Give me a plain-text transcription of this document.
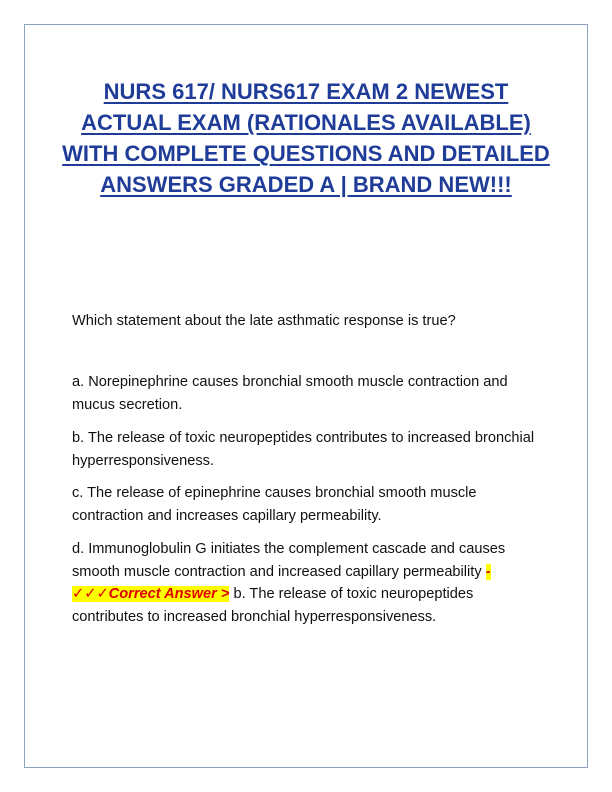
NURS 617/ NURS617 EXAM 2 NEWEST ACTUAL EXAM (RATIONALES AVAILABLE) WITH COMPLETE QUESTIONS AND DETAILED ANSWERS GRADED A | BRAND NEW!!!

Which statement about the late asthmatic response is true?

a. Norepinephrine causes bronchial smooth muscle contraction and mucus secretion.

b. The release of toxic neuropeptides contributes to increased bronchial hyperresponsiveness.

c. The release of epinephrine causes bronchial smooth muscle contraction and increases capillary permeability.

d. Immunoglobulin G initiates the complement cascade and causes smooth muscle contraction and increased capillary permeability - ✓✓✓Correct Answer > b. The release of toxic neuropeptides contributes to increased bronchial hyperresponsiveness.
